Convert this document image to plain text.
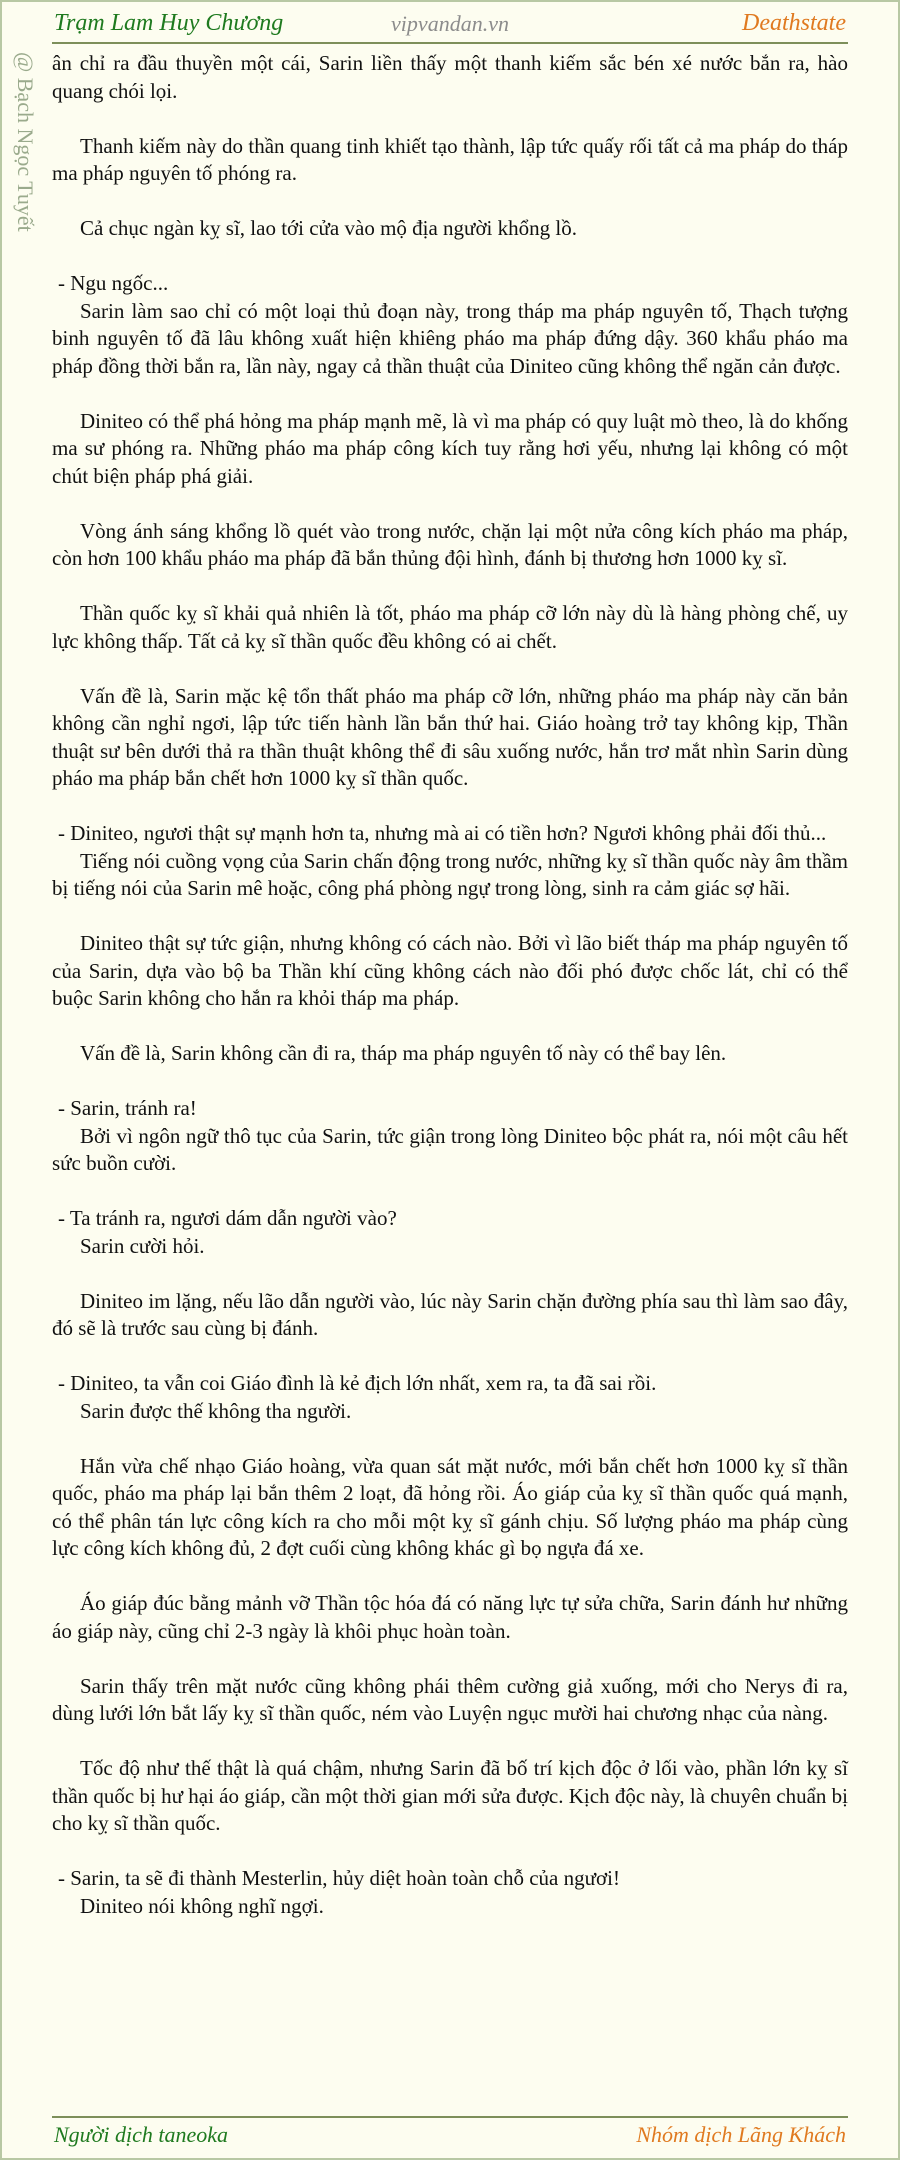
Trạm Lam Huy Chương	vipvandan.vn	Deathstate
@ Bạch Ngọc Tuyết ân chỉ ra đầu thuyền một cái, Sarin liền thấy một thanh kiếm sắc bén xé nước bắn ra, hào quang chói lọi.

Thanh kiếm này do thần quang tinh khiết tạo thành, lập tức quấy rối tất cả ma pháp do tháp ma pháp nguyên tố phóng ra.

Cả chục ngàn kỵ sĩ, lao tới cửa vào mộ địa người khổng lồ.

- Ngu ngốc...
Sarin làm sao chỉ có một loại thủ đoạn này, trong tháp ma pháp nguyên tố, Thạch tượng binh nguyên tố đã lâu không xuất hiện khiêng pháo ma pháp đứng dậy. 360 khẩu pháo ma pháp đồng thời bắn ra, lần này, ngay cả thần thuật của Diniteo cũng không thể ngăn cản được.

Diniteo có thể phá hỏng ma pháp mạnh mẽ, là vì ma pháp có quy luật mò theo, là do khống ma sư phóng ra. Những pháo ma pháp công kích tuy rằng hơi yếu, nhưng lại không có một chút biện pháp phá giải.

Vòng ánh sáng khổng lồ quét vào trong nước, chặn lại một nửa công kích pháo ma pháp, còn hơn 100 khẩu pháo ma pháp đã bắn thủng đội hình, đánh bị thương hơn 1000 kỵ sĩ.

Thần quốc kỵ sĩ khải quả nhiên là tốt, pháo ma pháp cỡ lớn này dù là hàng phòng chế, uy lực không thấp. Tất cả kỵ sĩ thần quốc đều không có ai chết.

Vấn đề là, Sarin mặc kệ tổn thất pháo ma pháp cỡ lớn, những pháo ma pháp này căn bản không cần nghỉ ngơi, lập tức tiến hành lần bắn thứ hai. Giáo hoàng trở tay không kịp, Thần thuật sư bên dưới thả ra thần thuật không thể đi sâu xuống nước, hắn trơ mắt nhìn Sarin dùng pháo ma pháp bắn chết hơn 1000 kỵ sĩ thần quốc.

- Diniteo, ngươi thật sự mạnh hơn ta, nhưng mà ai có tiền hơn? Ngươi không phải đối thủ...
Tiếng nói cuồng vọng của Sarin chấn động trong nước, những kỵ sĩ thần quốc này âm thầm bị tiếng nói của Sarin mê hoặc, công phá phòng ngự trong lòng, sinh ra cảm giác sợ hãi.

Diniteo thật sự tức giận, nhưng không có cách nào. Bởi vì lão biết tháp ma pháp nguyên tố của Sarin, dựa vào bộ ba Thần khí cũng không cách nào đối phó được chốc lát, chỉ có thể buộc Sarin không cho hắn ra khỏi tháp ma pháp.

Vấn đề là, Sarin không cần đi ra, tháp ma pháp nguyên tố này có thể bay lên.

- Sarin, tránh ra!
Bởi vì ngôn ngữ thô tục của Sarin, tức giận trong lòng Diniteo bộc phát ra, nói một câu hết sức buồn cười.

- Ta tránh ra, ngươi dám dẫn người vào?
Sarin cười hỏi.

Diniteo im lặng, nếu lão dẫn người vào, lúc này Sarin chặn đường phía sau thì làm sao đây, đó sẽ là trước sau cùng bị đánh.

- Diniteo, ta vẫn coi Giáo đình là kẻ địch lớn nhất, xem ra, ta đã sai rồi.
Sarin được thế không tha người.

Hắn vừa chế nhạo Giáo hoàng, vừa quan sát mặt nước, mới bắn chết hơn 1000 kỵ sĩ thần quốc, pháo ma pháp lại bắn thêm 2 loạt, đã hỏng rồi. Áo giáp của kỵ sĩ thần quốc quá mạnh, có thể phân tán lực công kích ra cho mỗi một kỵ sĩ gánh chịu. Số lượng pháo ma pháp cùng lực công kích không đủ, 2 đợt cuối cùng không khác gì bọ ngựa đá xe.

Áo giáp đúc bằng mảnh vỡ Thần tộc hóa đá có năng lực tự sửa chữa, Sarin đánh hư những áo giáp này, cũng chỉ 2-3 ngày là khôi phục hoàn toàn.

Sarin thấy trên mặt nước cũng không phái thêm cường giả xuống, mới cho Nerys đi ra, dùng lưới lớn bắt lấy kỵ sĩ thần quốc, ném vào Luyện ngục mười hai chương nhạc của nàng.

Tốc độ như thế thật là quá chậm, nhưng Sarin đã bố trí kịch độc ở lối vào, phần lớn kỵ sĩ thần quốc bị hư hại áo giáp, cần một thời gian mới sửa được. Kịch độc này, là chuyên chuẩn bị cho kỵ sĩ thần quốc.

- Sarin, ta sẽ đi thành Mesterlin, hủy diệt hoàn toàn chỗ của ngươi!
Diniteo nói không nghĩ ngợi.

Người dịch taneoka	Nhóm dịch Lãng Khách
